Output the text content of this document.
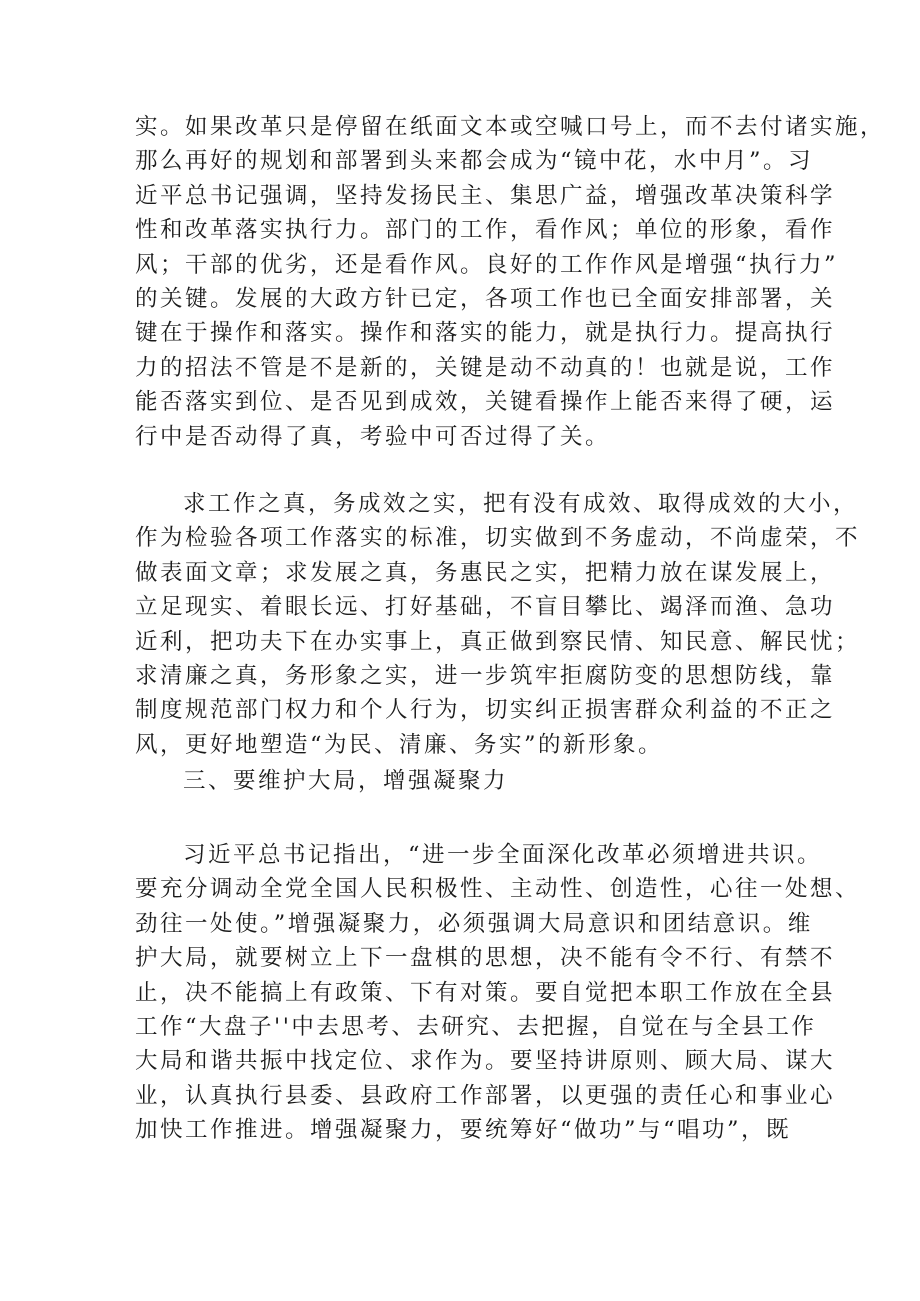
实。如果改革只是停留在纸面文本或空喊口号上，而不去付诸实施，
那么再好的规划和部署到头来都会成为“镜中花，水中月”。习
近平总书记强调，坚持发扬民主、集思广益，增强改革决策科学
性和改革落实执行力。部门的工作，看作风；单位的形象，看作
风；干部的优劣，还是看作风。良好的工作作风是增强“执行力”
的关键。发展的大政方针已定，各项工作也已全面安排部署，关
键在于操作和落实。操作和落实的能力，就是执行力。提高执行
力的招法不管是不是新的，关键是动不动真的！也就是说，工作
能否落实到位、是否见到成效，关键看操作上能否来得了硬，运
行中是否动得了真，考验中可否过得了关。
求工作之真，务成效之实，把有没有成效、取得成效的大小，
作为检验各项工作落实的标准，切实做到不务虚动，不尚虚荣，不
做表面文章；求发展之真，务惠民之实，把精力放在谋发展上，
立足现实、着眼长远、打好基础，不盲目攀比、竭泽而渔、急功
近利，把功夫下在办实事上，真正做到察民情、知民意、解民忧；
求清廉之真，务形象之实，进一步筑牢拒腐防变的思想防线，靠
制度规范部门权力和个人行为，切实纠正损害群众利益的不正之
风，更好地塑造“为民、清廉、务实”的新形象。
三、要维护大局，增强凝聚力
习近平总书记指出，“进一步全面深化改革必须增进共识。
要充分调动全党全国人民积极性、主动性、创造性，心往一处想、
劲往一处使。”增强凝聚力，必须强调大局意识和团结意识。维
护大局，就要树立上下一盘棋的思想，决不能有令不行、有禁不
止，决不能搞上有政策、下有对策。要自觉把本职工作放在全县
工作“大盘子''中去思考、去研究、去把握，自觉在与全县工作
大局和谐共振中找定位、求作为。要坚持讲原则、顾大局、谋大
业，认真执行县委、县政府工作部署，以更强的责任心和事业心
加快工作推进。增强凝聚力，要统筹好“做功”与“唱功”，既
